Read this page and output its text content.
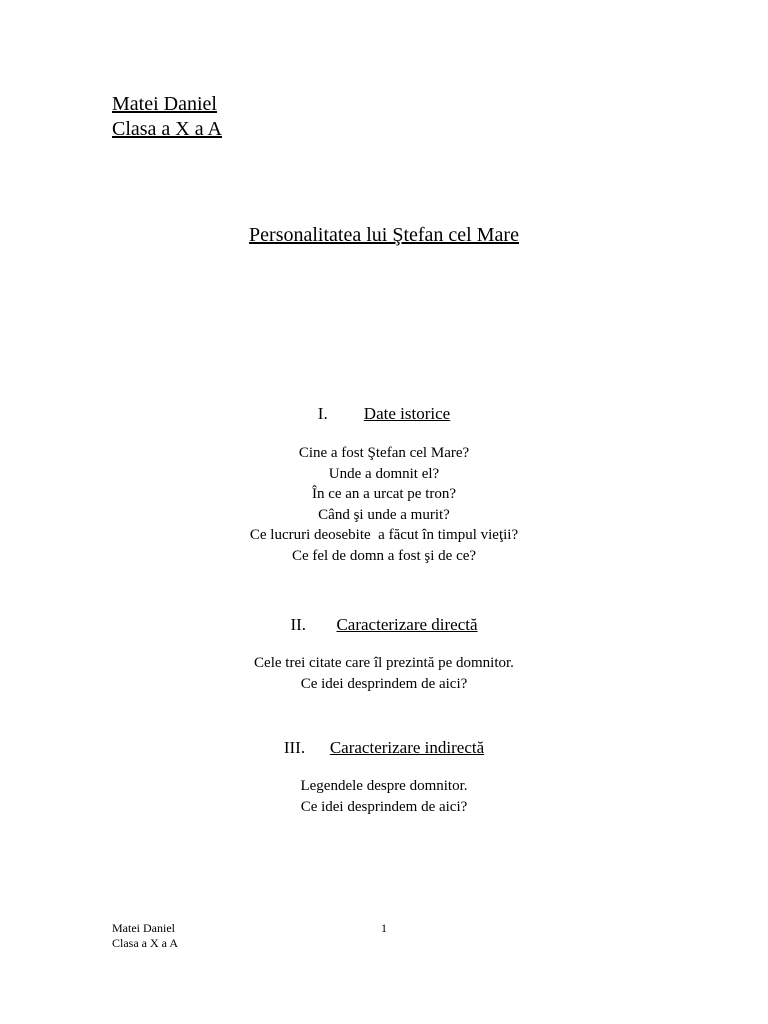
Matei Daniel
Clasa a X a A
Personalitatea lui Ştefan cel Mare
I. Date istorice
Cine a fost Ştefan cel Mare?
Unde a domnit el?
În ce an a urcat pe tron?
Când şi unde a murit?
Ce lucruri deosebite  a făcut în timpul vieţii?
Ce fel de domn a fost şi de ce?
II. Caracterizare directă
Cele trei citate care îl prezintă pe domnitor.
Ce idei desprindem de aici?
III. Caracterizare indirectă
Legendele despre domnitor.
Ce idei desprindem de aici?
Matei Daniel
Clasa a X a A
1
